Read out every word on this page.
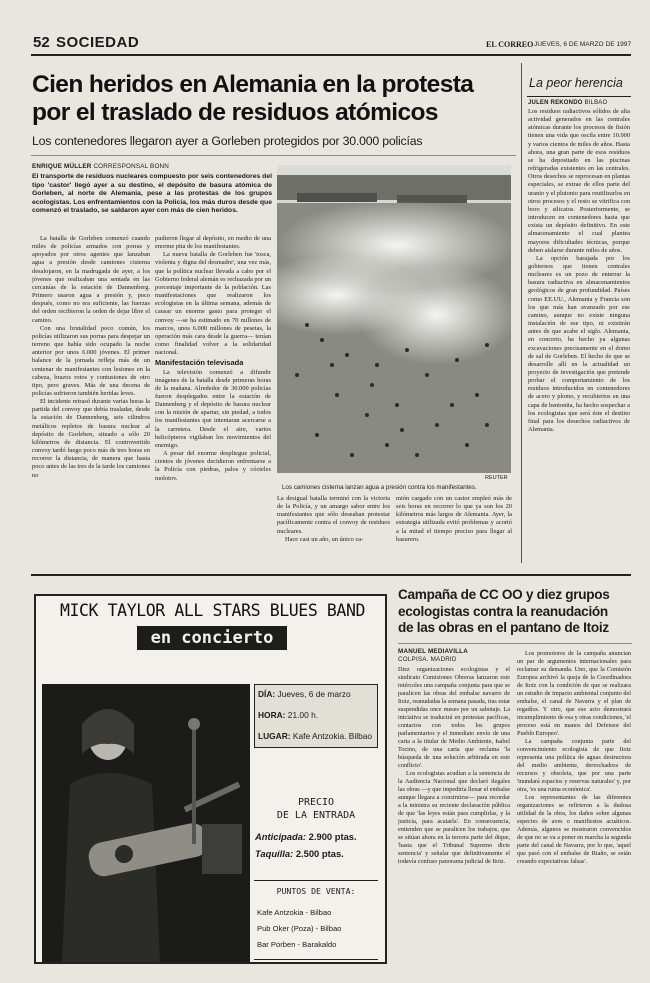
52 SOCIEDAD	EL CORREO JUEVES, 6 DE MARZO DE 1997
Cien heridos en Alemania en la protesta
por el traslado de residuos atómicos
Los contenedores llegaron ayer a Gorleben protegidos por 30.000 policías
ENRIQUE MÜLLER CORRESPONSAL BONN
El transporte de residuos nucleares compuesto por seis contenedores del tipo 'castor' llegó ayer a su destino, el depósito de basura atómica de Gorleben, al norte de Alemania, pese a las protestas de los grupos ecologistas. Los enfrentamientos con la Policía, los más duros desde que comenzó el traslado, se saldaron ayer con más de cien heridos.

La batalla de Gorleben comenzó cuando miles de policías armados con porras y apoyados por otros agentes que lanzaban agua a presión desde camiones cisterna desalojaron, en la madrugada de ayer, a los jóvenes que realizaban una sentada en las cercanías de la estación de Dannenberg. Primero usaron agua a presión y, poco después, como no era suficiente, las fuerzas del orden recibieron la orden de dejar libre el camino.

Con una brutalidad poco común, los policías utilizaron sus porras para despejar un terreno que había sido ocupado la noche anterior por unos 6.000 jóvenes. El primer balance de la jornada refleja más de un centenar de manifestantes con lesiones en la cabeza, brazos rotos y contusiones de otro tipo, pero graves. Más de una decena de policías sufrieron también heridas leves.

El incidente retrasó durante varias horas la partida del convoy que debía trasladar, desde la estación de Dannenberg, seis cilindros metálicos repletos de basura nuclear al depósito de Gorleben, situado a sólo 20 kilómetros de distancia. El controvertido convoy tardó luego poco más de tres horas en recorrer la distancia, de manera que hasta poco antes de las tres de la tarde los camiones no

pudieron llegar al depósito, en medio de una enorme pita de los manifestantes.

La nueva batalla de Gorleben fue 'tosca, violenta y digna del desmadre', una vez más, que la política nuclear llevada a cabo por el Gobierno federal alemán es rechazada por un porcentaje importante de la población. Las manifestaciones que realizaron los ecologistas en la última semana, además de causar un enorme gasto para proteger el convoy —se ha estimado en 70 millones de marcos, unos 6.000 millones de pesetas, la operación más cara desde la guerra— tenían como finalidad volver a la solidaridad nacional.

Manifestación televisada

La televisión comenzó a difundir imágenes de la batalla desde primeras horas de la mañana. Alrededor de 30.000 policías fueron desplegados entre la estación de Dannenberg y el depósito de basura nuclear con la misión de apartar, sin piedad, a todos los manifestantes que intentaran acercarse a la carretera. Desde el aire, varios helicópteros vigilaban los movimientos del enemigo.

A pesar del enorme despliegue policial, cientos de jóvenes decidieron enfrentarse a la Policía con piedras, palos y cócteles molotov.	REUTER
Los camiones cisterna lanzan agua a presión contra los manifestantes.

La desigual batalla terminó con la victoria de la Policía, y un amargo sabor entre los manifestantes que sólo deseaban protestar pacíficamente contra el convoy de residuos nucleares.

Hace casi un año, un único ca-

mión cargado con un castor empleó más de seis horas en recorrer lo que ya son los 20 kilómetros más largos de Alemania. Ayer, la estrategia utilizada evitó problemas y acortó a la mitad el tiempo preciso para llegar al basurero.

La peor herencia
JULEN REKONDO BILBAO

Los residuos radiactivos sólidos de alta actividad generados en las centrales atómicas durante los procesos de fisión tienen una vida que oscila entre 10.000 y varios cientos de miles de años. Hasta ahora, una gran parte de esos residuos se ha depositado en las piscinas refrigeradas existentes en las centrales. Otros desechos se reprocesan en plantas especiales, se extrae de ellos parte del uranio y el plutonio para reutilizarlos en otros procesos y el resto se vitrifica con boro y silicatos. Posteriormente, se introducen en contenedores hasta que exista un depósito definitivo. En este almacenamiento el cual plantea mayores dificultades técnicas, porque deben aislarse durante miles de años.

La opción barajada por los gobiernos que tienen centrales nucleares es un pozo de enterrar la basura radiactiva en almacenamientos geológicos de gran profundidad. Países como EE.UU., Alemania y Francia son los que más han avanzado por ese camino, aunque no existe ninguna instalación de ese tipo, ni existirán antes de que acabe el siglo. Alemania, en concreto, ha hecho ya algunas excavaciones precisamente en el domo de sal de Gorleben. El hecho de que se desarrolle allí en la actualidad un proyecto de investigación que pretende probar el comportamiento de los residuos introducidos en contenedores de acero y plomo, y recubiertos en una capa de bentonita, ha hecho sospechar a los ecologistas que será éste el destino final para los desechos radiactivos de Alemania.

MICK TAYLOR ALL STARS BLUES BAND
en concierto
DÍA: Jueves, 6 de marzo
HORA: 21.00 h.
LUGAR: Kafe Antzokia. Bilbao
PRECIO
DE LA ENTRADA
Anticipada: 2.900 ptas.
Taquilla: 2.500 ptas.
PUNTOS DE VENTA:
Kafe Antzokia - Bilbao
Pub Oker (Poza) - Bilbao
Bar Porben - Barakaldo
Campaña de CC OO y diez grupos
ecologistas contra la reanudación
de las obras en el pantano de Itoiz
MANUEL MEDIAVILLA
COLPISA. MADRID

Diez organizaciones ecologistas y el sindicato Comisiones Obreras lanzaron este miércoles una campaña conjunta para que se paralicen las obras del embalse navarro de Itoiz, reanudadas la semana pasada, tras estar suspendidas once meses por un sabotaje. La iniciativa se traducirá en protestas pacíficas, contactos con todos los grupos parlamentarios y el inmediato envío de una carta a la titular de Medio Ambiente, Isabel Tocino, de una carta que reclama 'la búsqueda de una solución arbitrada en este conflicto'.

Los ecologistas acudían a la sentencia de la Audiencia Nacional que declaró ilegales las obras —y que impediría llenar el embalse aunque llegara a construirse— para recordar a la ministra su reciente declaración pública de que 'las leyes están para cumplirlas, y la justicia, para acatarla'. En consecuencia, entienden que se paralicen los trabajos, que se sitúan ahora en la tercera parte del dique, 'hasta que el Tribunal Supremo dicte sentencia' y señalar que definitivamente el todavía confuso panorama judicial de Itoiz.

Los promotores de la campaña anuncian un par de argumentos internacionales para reclamar su demanda. Uno, que la Comisión Europea archivó la queja de la Coordinadora de Itoiz con la condición de que se realizara un estudio de impacto ambiental conjunto del embalse, el canal de Navarra y el plan de regadíos. Y otro, que ese acto demostrará incumplimiento de esa y otras condiciones, 'el proceso está en manos del Defensor del Pueblo Europeo'.

La campaña conjunta parte del convencimiento ecologista de que Itoiz representa una política de aguas destructora del medio ambiente, derrochadora de recursos y obsoleta, que por una parte 'inundará espacios y reservas naturales' y, por otra, 'es una ruina económica'.

Los representantes de las diferentes organizaciones se refirieron a la dudosa utilidad de la obra, los daños sobre algunas especies de aves o manifiestos acuáticos. Además, algunos se mostraron convencidos de que no se va a poner en marcha la segunda parte del canal de Navarra, por lo que, 'aquel que pasó con el embalse de Riaño, se están creando expectativas falsas'.
